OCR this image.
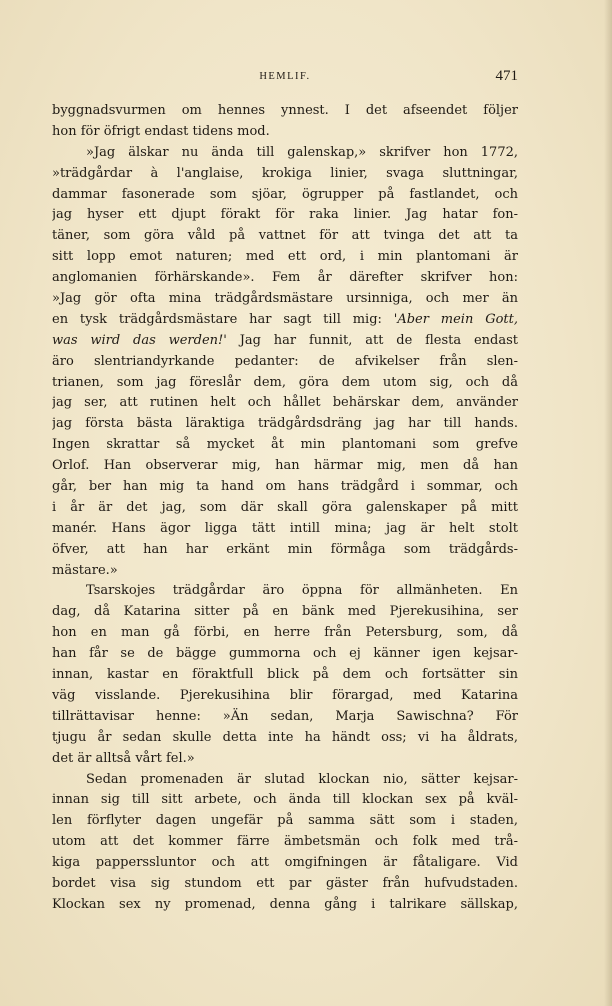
HEMLIF.	471
byggnadsvurmen om hennes ynnest. I det afseendet följer
hon för öfrigt endast tidens mod.
»Jag älskar nu ända till galenskap,» skrifver hon 1772,
»trädgårdar à l'anglaise, krokiga linier, svaga sluttningar,
dammar fasonerade som sjöar, ögrupper på fastlandet, och
jag hyser ett djupt förakt för raka linier. Jag hatar fon-
täner, som göra våld på vattnet för att tvinga det att ta
sitt lopp emot naturen; med ett ord, i min plantomani är
anglomanien förhärskande». Fem år därefter skrifver hon:
»Jag gör ofta mina trädgårdsmästare ursinniga, och mer än
en tysk trädgårdsmästare har sagt till mig: 'Aber mein Gott,
was wird das werden!' Jag har funnit, att de flesta endast
äro slentriandyrkande pedanter: de afvikelser från slen-
trianen, som jag föreslår dem, göra dem utom sig, och då
jag ser, att rutinen helt och hållet behärskar dem, använder
jag första bästa läraktiga trädgårdsdräng jag har till hands.
Ingen skrattar så mycket åt min plantomani som grefve
Orlof. Han observerar mig, han härmar mig, men då han
går, ber han mig ta hand om hans trädgård i sommar, och
i år är det jag, som där skall göra galenskaper på mitt
manér. Hans ägor ligga tätt intill mina; jag är helt stolt
öfver, att han har erkänt min förmåga som trädgårds-
mästare.»
Tsarskojes trädgårdar äro öppna för allmänheten. En
dag, då Katarina sitter på en bänk med Pjerekusihina, ser
hon en man gå förbi, en herre från Petersburg, som, då
han får se de bägge gummorna och ej känner igen kejsar-
innan, kastar en föraktfull blick på dem och fortsätter sin
väg visslande. Pjerekusihina blir förargad, med Katarina
tillrättavisar henne: »Än sedan, Marja Sawischna? För
tjugu år sedan skulle detta inte ha händt oss; vi ha åldrats,
det är alltså vårt fel.»
Sedan promenaden är slutad klockan nio, sätter kejsar-
innan sig till sitt arbete, och ända till klockan sex på kväl-
len förflyter dagen ungefär på samma sätt som i staden,
utom att det kommer färre ämbetsmän och folk med trå-
kiga papperssluntor och att omgifningen är fåtaligare. Vid
bordet visa sig stundom ett par gäster från hufvudstaden.
Klockan sex ny promenad, denna gång i talrikare sällskap,
